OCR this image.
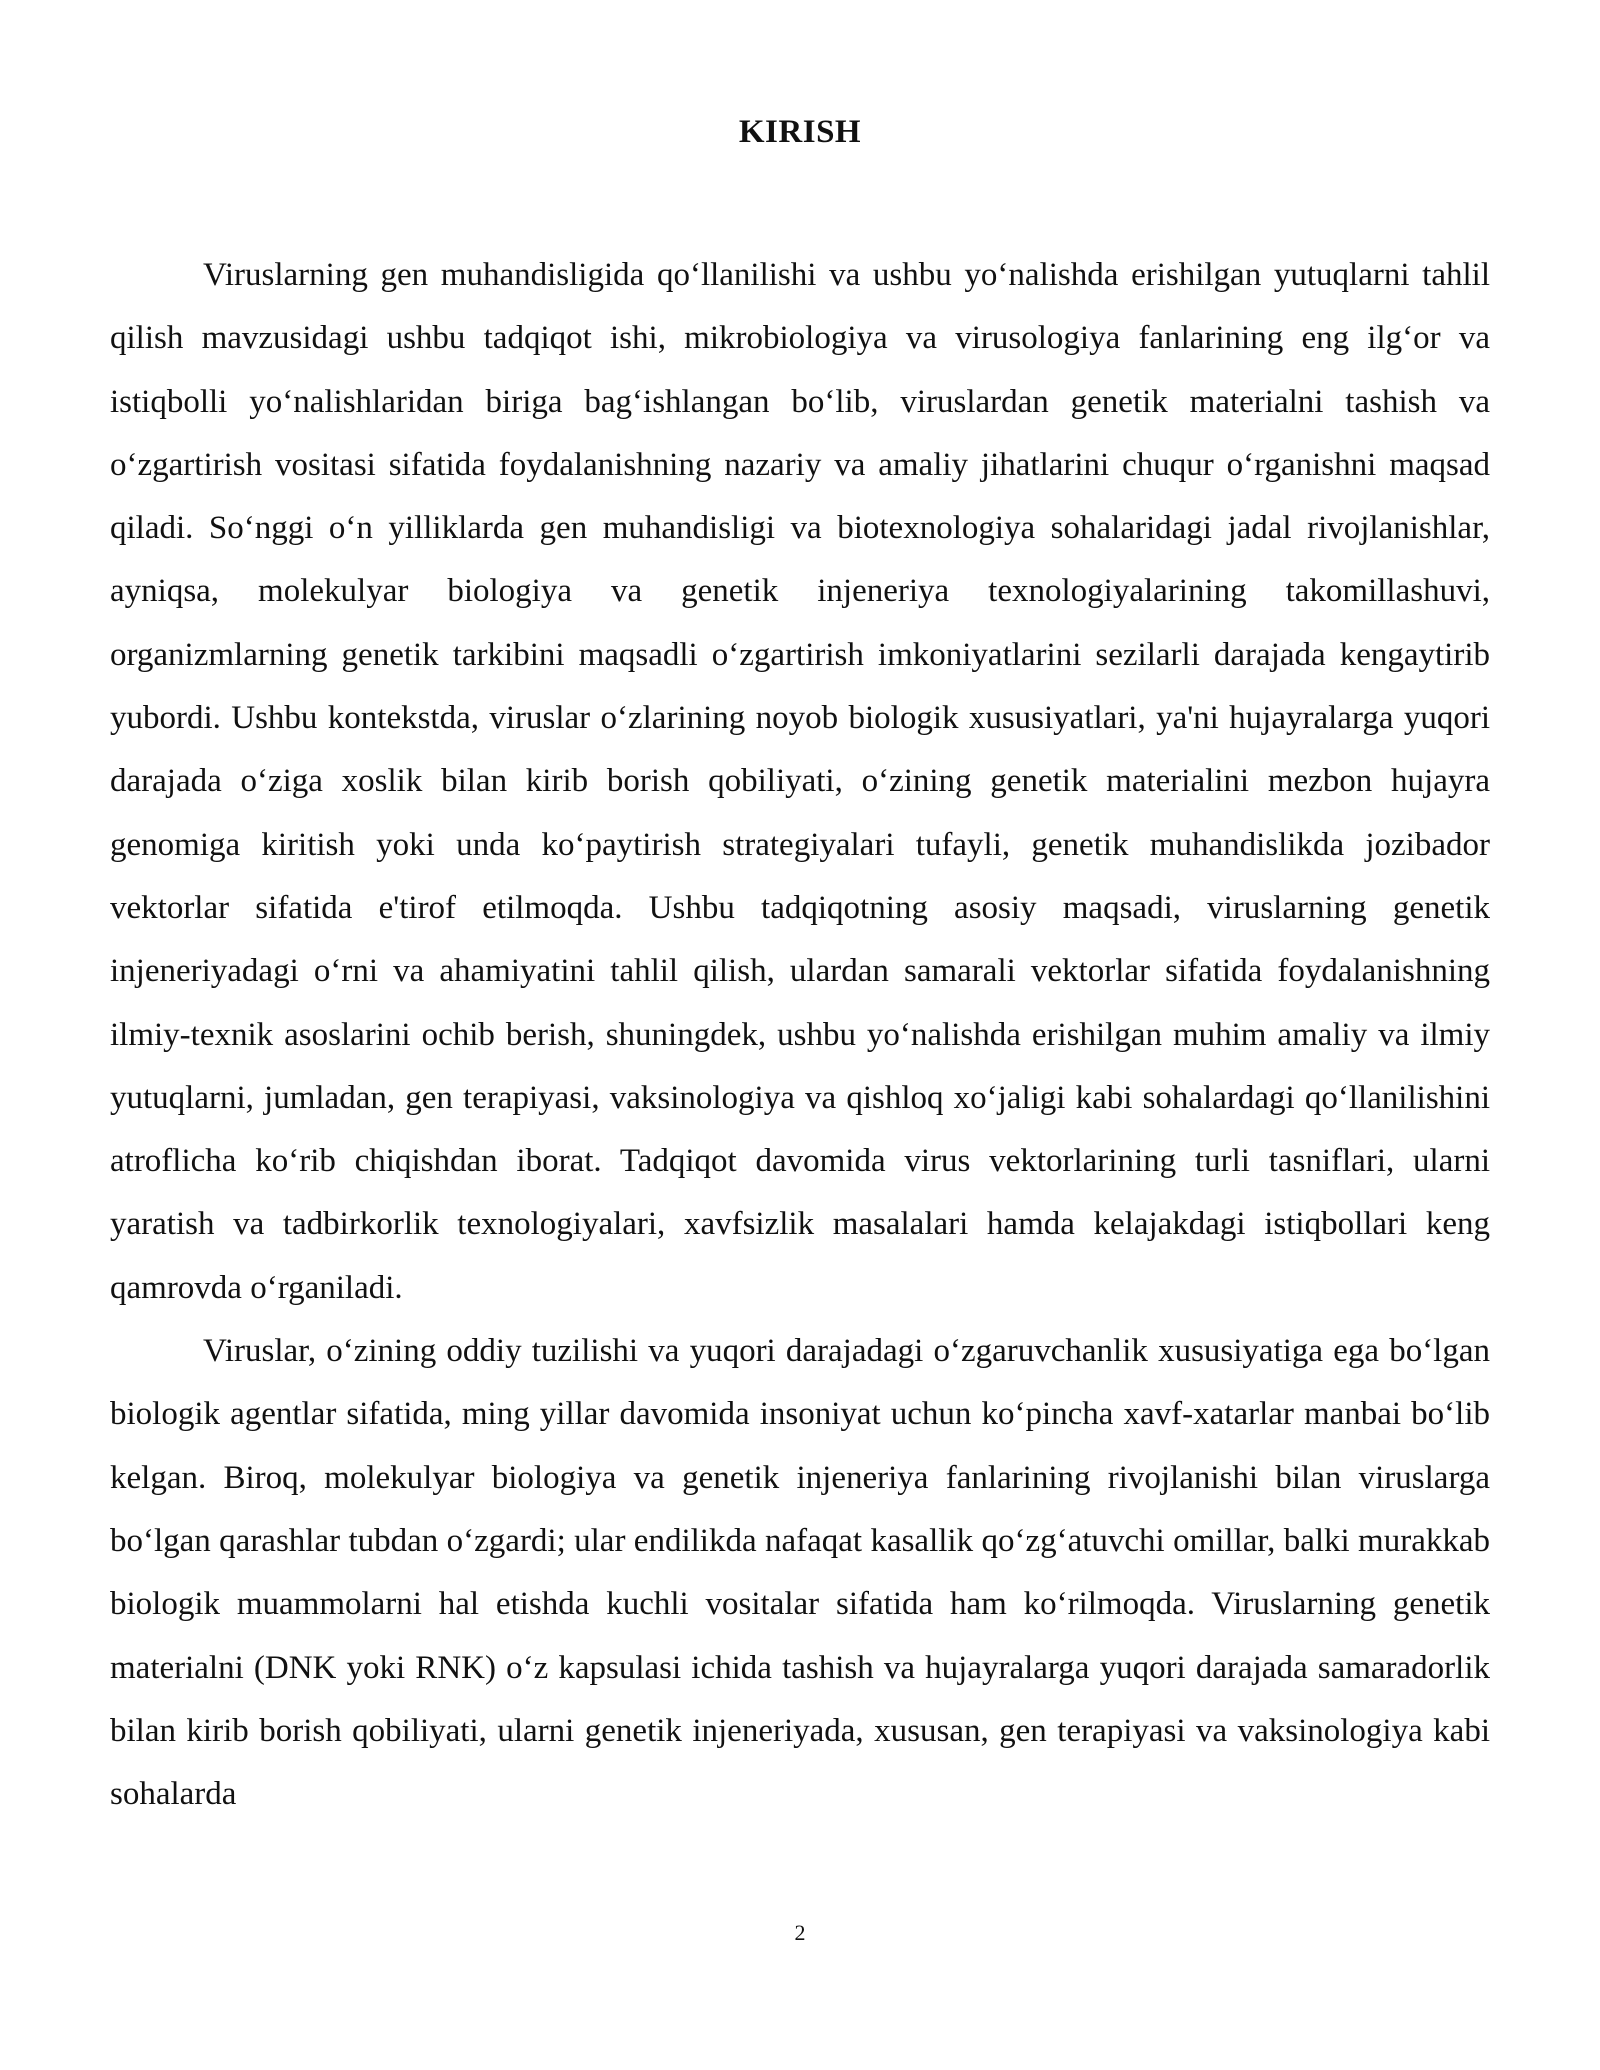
KIRISH

Viruslarning gen muhandisligida qo‘llanilishi va ushbu yo‘nalishda erishilgan yutuqlarni tahlil qilish mavzusidagi ushbu tadqiqot ishi, mikrobiologiya va virusologiya fanlarining eng ilg‘or va istiqbolli yo‘nalishlaridan biriga bag‘ishlangan bo‘lib, viruslardan genetik materialni tashish va o‘zgartirish vositasi sifatida foydalanishning nazariy va amaliy jihatlarini chuqur o‘rganishni maqsad qiladi. So‘nggi o‘n yilliklarda gen muhandisligi va biotexnologiya sohalaridagi jadal rivojlanishlar, ayniqsa, molekulyar biologiya va genetik injeneriya texnologiyalarining takomillashuvi, organizmlarning genetik tarkibini maqsadli o‘zgartirish imkoniyatlarini sezilarli darajada kengaytirib yubordi. Ushbu kontekstda, viruslar o‘zlarining noyob biologik xususiyatlari, ya'ni hujayralarga yuqori darajada o‘ziga xoslik bilan kirib borish qobiliyati, o‘zining genetik materialini mezbon hujayra genomiga kiritish yoki unda ko‘paytirish strategiyalari tufayli, genetik muhandislikda jozibador vektorlar sifatida e'tirof etilmoqda. Ushbu tadqiqotning asosiy maqsadi, viruslarning genetik injeneriyadagi o‘rni va ahamiyatini tahlil qilish, ulardan samarali vektorlar sifatida foydalanishning ilmiy-texnik asoslarini ochib berish, shuningdek, ushbu yo‘nalishda erishilgan muhim amaliy va ilmiy yutuqlarni, jumladan, gen terapiyasi, vaksinologiya va qishloq xo‘jaligi kabi sohalardagi qo‘llanilishini atroflicha ko‘rib chiqishdan iborat. Tadqiqot davomida virus vektorlarining turli tasniflari, ularni yaratish va tadbirkorlik texnologiyalari, xavfsizlik masalalari hamda kelajakdagi istiqbollari keng qamrovda o‘rganiladi.

Viruslar, o‘zining oddiy tuzilishi va yuqori darajadagi o‘zgaruvchanlik xususiyatiga ega bo‘lgan biologik agentlar sifatida, ming yillar davomida insoniyat uchun ko‘pincha xavf-xatarlar manbai bo‘lib kelgan. Biroq, molekulyar biologiya va genetik injeneriya fanlarining rivojlanishi bilan viruslarga bo‘lgan qarashlar tubdan o‘zgardi; ular endilikda nafaqat kasallik qo‘zg‘atuvchi omillar, balki murakkab biologik muammolarni hal etishda kuchli vositalar sifatida ham ko‘rilmoqda. Viruslarning genetik materialni (DNK yoki RNK) o‘z kapsulasi ichida tashish va hujayralarga yuqori darajada samaradorlik bilan kirib borish qobiliyati, ularni genetik injeneriyada, xususan, gen terapiyasi va vaksinologiya kabi sohalarda

2
